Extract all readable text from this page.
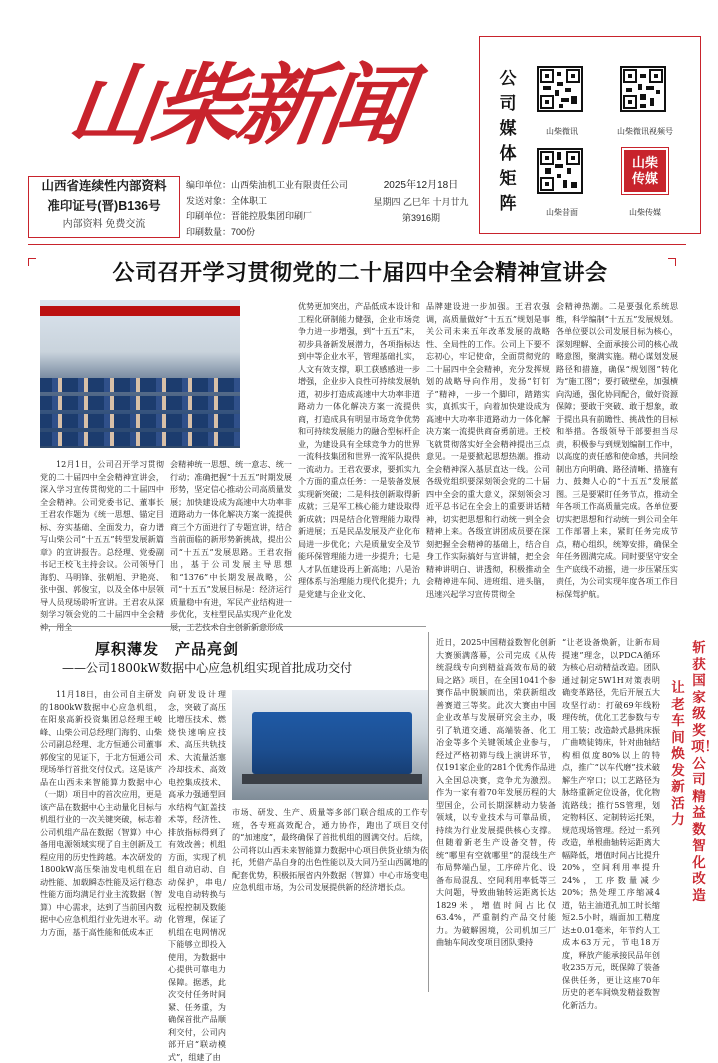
山柴新闻
山西省连续性内部资料
准印证号(晋)B136号
内部资料 免费交流
编印单位：山西柴油机工业有限责任公司
发送对象：全体职工
印刷单位：晋能控股集团印刷厂
印刷数量：700份
2025年12月18日
星期四 乙巳年 十月廿九
第3916期
公司媒体矩阵
山柴微讯	山柴微讯视频号
山柴昔面
山柴传媒
山柴传媒
公司召开学习贯彻党的二十届四中全会精神宣讲会
12月1日，公司召开学习贯彻党的二十届四中全会精神宣讲会，深入学习宣传贯彻党的二十届四中全会精神。公司党委书记、董事长王君农作题为《统一思想、锚定目标、夯实基础、全面发力，奋力谱写山柴公司“十五五”转型发展新篇章》的宣讲报告。总经理、党委副书记王校飞主持会议。公司领导门海豹、马明锋、张朝旭、尹艳亮、张中强、郭俊宝，以及全体中层领导人员现场聆听宣讲。王君农从深刻学习领会党的二十届四中全会精
会精神统一思想、统一意志、统一行动；准确把握“十五五”时期发展形势，坚定信心推动公司高质量发展；加快建设成为高速中大功率非道路动力一体化解决方案一流提供商三个方面进行了专题宣讲，结合当前面临的新形势新挑战，提出公司“十五五”发展思路。王君农指出，基于公司发展主导思想和“1376”中长期发展战略，公司“十五五”发展目标是：经济运行质量稳中有进，军民产业结构进一步优化，支柱型民品实现产业化发
优势更加突出，产品低成本设计和工程化研制能力健强，企业市场竞争力进一步增强，到“十五五”末，初步具备新发展潜力，各项指标达到中等企业水平，管理基础扎实，人文有效支撑，职工获感感进一步增强，企业步入良性可持续发展轨道，初步打造成高速中大功率非道路动力一体化解决方案一流提供商，打造成具有明显市场竞争优势和可持续发展能力的融合型标杆企业，为建设具有全球竞争力的世界一流科技集团和世界一流军队提供一流动力。王君农要求，要抓实九个方面的重点任务：一是装备发展实现新突破；二是科技创新取得新成就；三是军工核心能力建设取得新成就；四是结合化管理能力取得新进展；五是民品发展及产业化布局进一步优化；六是质量安全及节能环保管理能力进一步提升；七是人才队伍建设再上新高地；八是治理体系与治理能力现代化提升；九是党建与企业文化、
品牌建设进一步加强。王君农强调，高质量做好“十五五”规划是事关公司未来五年改革发展的战略性、全局性的工作。公司上下要不忘初心，牢记使命，全面贯彻党的二十届四中全会精神，充分发挥规划的战略导向作用，发扬“钉钉子”精神，一步一个脚印，踏踏实实，真抓实干，向着加快建设成为高速中大功率非道路动力一体化解决方案一流提供商奋勇前进。王校飞就贯彻落实好全会精神提出三点意见。一是要掀起思想热潮。推动全会精神深入基层直达一线。公司各级党组织要深刻领会党的二十届四中全会的重大意义，深刻领会习近平总书记在全会上的重要讲话精神，切实把思想和行动统一到全会精神上来。各级宣讲团成员要在深刻把握全会精神的基础上，结合自身工作实际搞好与宣讲辅，把全会精神讲明白、讲透彻，积极推动全会精神进车间、进班组、进头脑，迅速兴起学习宣传贯彻全
会精神热潮。二是要强化系统思维，科学编制“十五五”发展规划。各单位要以公司发展目标为核心，深刻理解、全面承接公司的核心战略意图，聚满实施。精心谋划发展路径和措施，确保“规划图”转化为“施工图”；要打破壁垒，加强横向沟通，强化协同配合，做好资源保障；要敢于突破、敢于想象，敢于提出具有前瞻性、挑战性的目标和举措。各级领导干部要担当尽责，积极参与到规划编制工作中，以高度的责任感和使命感，共同绘制出方向明确、路径清晰、措施有力、鼓舞人心的“十五五”发展蓝图。三是要紧盯任务节点，推动全年各项工作高质量完成。各单位要切实把思想和行动统一到公司全年工作部署上来，紧盯任务完成节点，精心组织，统筹安排，确保全年任务圆满完成。同时要坚守安全生产底线不动摇，进一步压紧压实责任，为公司实现年度各项工作目标保驾护航。
厚积薄发　产品亮剑
——公司1800kW数据中心应急机组实现首批成功交付
11月18日，由公司自主研发的1800kW数据中心应急机组，在阳泉高新投资集团总经理王峻峰、山柴公司总经理门海豹、山柴公司副总经理、北方恒通公司董事郭俊宝的见证下，于北方恒通公司现场举行首批交付仪式。这是该产品在山西未来智能算力数据中心（一期）项目中的首次应用，更是该产品在数据中心主动量化目标与机组行业的一次关键突破，标志着公司机组产品在数据（智算）中心备用电源领域实现了自主创新及工程应用的历史性跨越。本次研发的1800kW高压柴油发电机组在启动性能、加载瞬态性能及运行稳态性能方面均满足行业主流数据（智算）中心需求，达到了当前国内数据中心应急机组行业先进水平。动力方面，基于高性能和低成本正
向研发设计理念，突破了高压比增压技术、燃烧快速响应技术、高压共轨技术、大流量活塞冷却技术、高效电控集成技术、高承力强通型回水结构气缸盖技术等，经济性、排放指标得到了有效改善；机组方面，实现了机组自动启动、自动保护，串电/发电自动转换与远程控制及数能化管理，保证了机组在电网情况下能够立即投入使用，为数据中心提供可靠电力保障。据悉，此次交付任务时间紧、任务重，为确保首批产品顺利交付，公司内部开启“联动模式”，组建了由
市场、研发、生产、质量等多部门联合组成的工作专班，各专班高效配合，通力协作，跑出了项目交付的“加速度”，最终确保了首批机组的圆满交付。后续，公司将以山西未来智能算力数据中心项目供货业绩为依托，凭借产品自身的出色性能以及大同乃至山西属地的配套优势，积极拓展省内外数据（智算）中心市场变电应急机组市场，为公司发展提供新的经济增长点。
近日，2025中国精益数智化创新大赛颁满落幕，公司完成《从传统混线专向到精益高效布局的破局之路》项目，在全国1041个参赛作品中脱颖而出，荣获新组改善赛道三等奖。此次大赛由中国企业改革与发展研究会主办，吸引了轨道交通、高端装备、化工冶金等多个关键领域企业参与，经过严格初筛与线上演讲环节，仅191家企业的281个优秀作品进入全国总决赛，竞争尤为激烈。作为一家有着70年发展历程的大型国企，公司长期深耕动力装备领域，以专业技术与可靠品质，持续为行业发展提供核心支撑。但随着新老生产设备交替，传统“哪里有空就哪里”的混线生产布局弊端凸显，工序碎片化、设备布局混乱、空间利用率低等三大问题，导致曲轴转运距离长达1829米，增值时间占比仅63.4%，严重制约产品交付能力。为破解困境，公司机加三厂曲轴车间改变项目团队秉持
“让老设备焕新，让新布局提速”理念，以PDCA循环为核心启动精益改造。团队通过制定5W1H对策表明确变革路径，先后开展五大攻坚行动：打破69年线粉理传统，优化工艺参数与专用工装；改造龄式悬挑床振广曲喷徒铸床，针对曲轴结构相似度80%以上的特点，推广“以车代磨”技术破解生产窄口；以工艺路径为脉络重新定位设备，优化物流路线；推行5S管理，划定物料区、定制转运托架，规范现场管理。经过一系列改造，单根曲轴转运距离大幅降低，增值时间占比提升20%，空间利用率提升24%，工序数量减少20%；热处理工序缩减4道，钻主油道孔加工时长缩短2.5小时，端面加工精度达±0.01毫米，年节约人工成本63万元，节电18万度，释放产能承接民品年创收235万元，既保障了装备保供任务，更让这座70年历史的老车间焕发精益数智化新活力。
斩获国家级奖项！公司精益数智化改造
让老车间焕发新活力
